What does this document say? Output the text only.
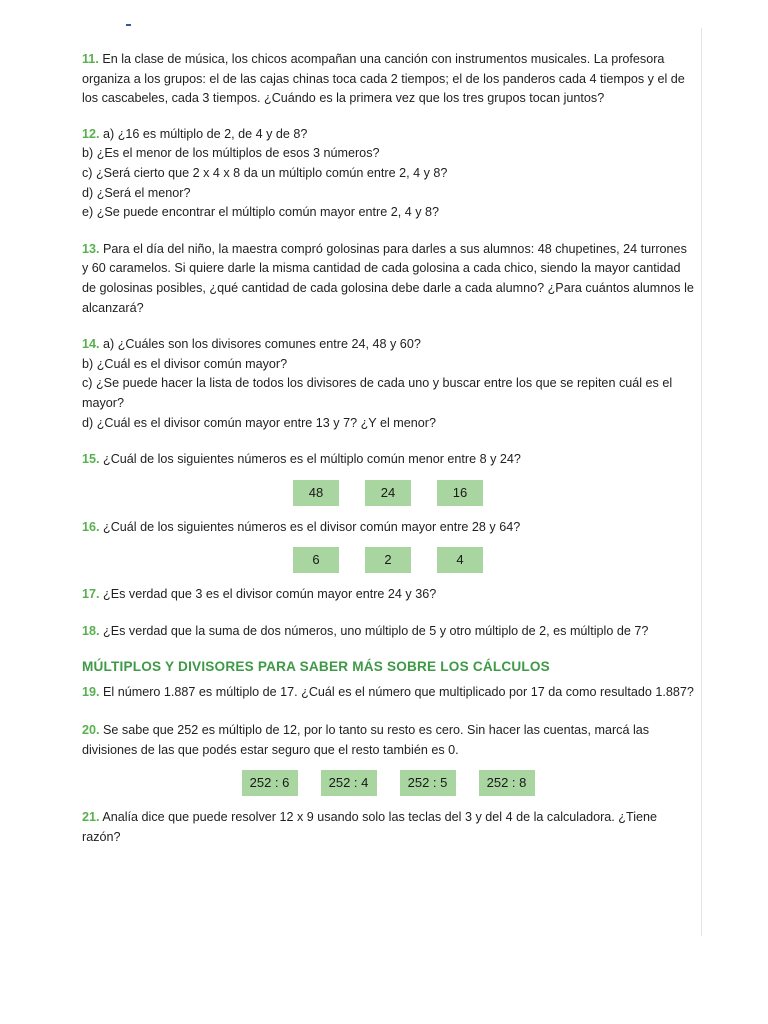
11. En la clase de música, los chicos acompañan una canción con instrumentos musicales. La profesora organiza a los grupos: el de las cajas chinas toca cada 2 tiempos; el de los panderos cada 4 tiempos y el de los cascabeles, cada 3 tiempos. ¿Cuándo es la primera vez que los tres grupos tocan juntos?

12. a) ¿16 es múltiplo de 2, de 4 y de 8?

b) ¿Es el menor de los múltiplos de esos 3 números?

c) ¿Será cierto que 2 x 4 x 8 da un múltiplo común entre 2, 4 y 8?

d) ¿Será el menor?

e) ¿Se puede encontrar el múltiplo común mayor entre 2, 4 y 8?

13. Para el día del niño, la maestra compró golosinas para darles a sus alumnos: 48 chupetines, 24 turrones y 60 caramelos. Si quiere darle la misma cantidad de cada golosina a cada chico, siendo la mayor cantidad de golosinas posibles, ¿qué cantidad de cada golosina debe darle a cada alumno? ¿Para cuántos alumnos le alcanzará?

14. a) ¿Cuáles son los divisores comunes entre 24, 48 y 60?

b) ¿Cuál es el divisor común mayor?

c) ¿Se puede hacer la lista de todos los divisores de cada uno y buscar entre los que se repiten cuál es el mayor?

d) ¿Cuál es el divisor común mayor entre 13 y 7? ¿Y el menor?

15. ¿Cuál de los siguientes números es el múltiplo común menor entre 8 y 24?

48	24	16

16. ¿Cuál de los siguientes números es el divisor común mayor entre 28 y 64?

6	2	4

17. ¿Es verdad que 3 es el divisor común mayor entre 24 y 36?

18. ¿Es verdad que la suma de dos números, uno múltiplo de 5 y otro múltiplo de 2, es múltiplo de 7?

MÚLTIPLOS Y DIVISORES PARA SABER MÁS SOBRE LOS CÁLCULOS

19. El número 1.887 es múltiplo de 17. ¿Cuál es el número que multiplicado por 17 da como resultado 1.887?

20. Se sabe que 252 es múltiplo de 12, por lo tanto su resto es cero. Sin hacer las cuentas, marcá las divisiones de las que podés estar seguro que el resto también es 0.

252 : 6	252 : 4	252 : 5	252 : 8

21. Analía dice que puede resolver 12 x 9 usando solo las teclas del 3 y del 4 de la calculadora. ¿Tiene razón?
